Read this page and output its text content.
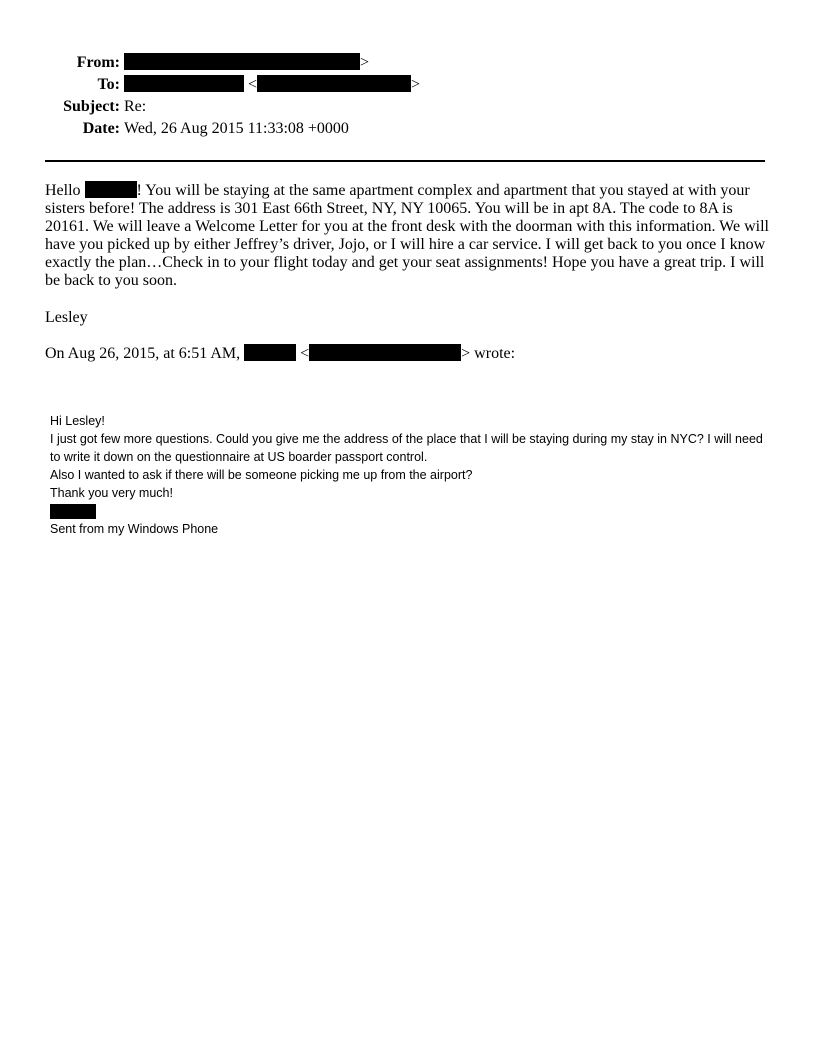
From:	>
To:	<	>
Subject: Re:
Date: Wed, 26 Aug 2015 11:33:08 +0000

Hello	! You will be staying at the same apartment complex and apartment that you stayed at with your sisters before! The address is 301 East 66th Street, NY, NY 10065. You will be in apt 8A. The code to 8A is 20161. We will leave a Welcome Letter for you at the front desk with the doorman with this information. We will have you picked up by either Jeffrey’s driver, Jojo, or I will hire a car service. I will get back to you once I know exactly the plan…Check in to your flight today and get your seat assignments! Hope you have a great trip. I will be back to you soon.

Lesley
On Aug 26, 2015, at 6:51 AM,	<	> wrote:
Hi Lesley!
I just got few more questions. Could you give me the address of the place that I will be staying during my stay in NYC? I will need to write it down on the questionnaire at US boarder passport control.
Also I wanted to ask if there will be someone picking me up from the airport?
Thank you very much!
Sent from my Windows Phone
